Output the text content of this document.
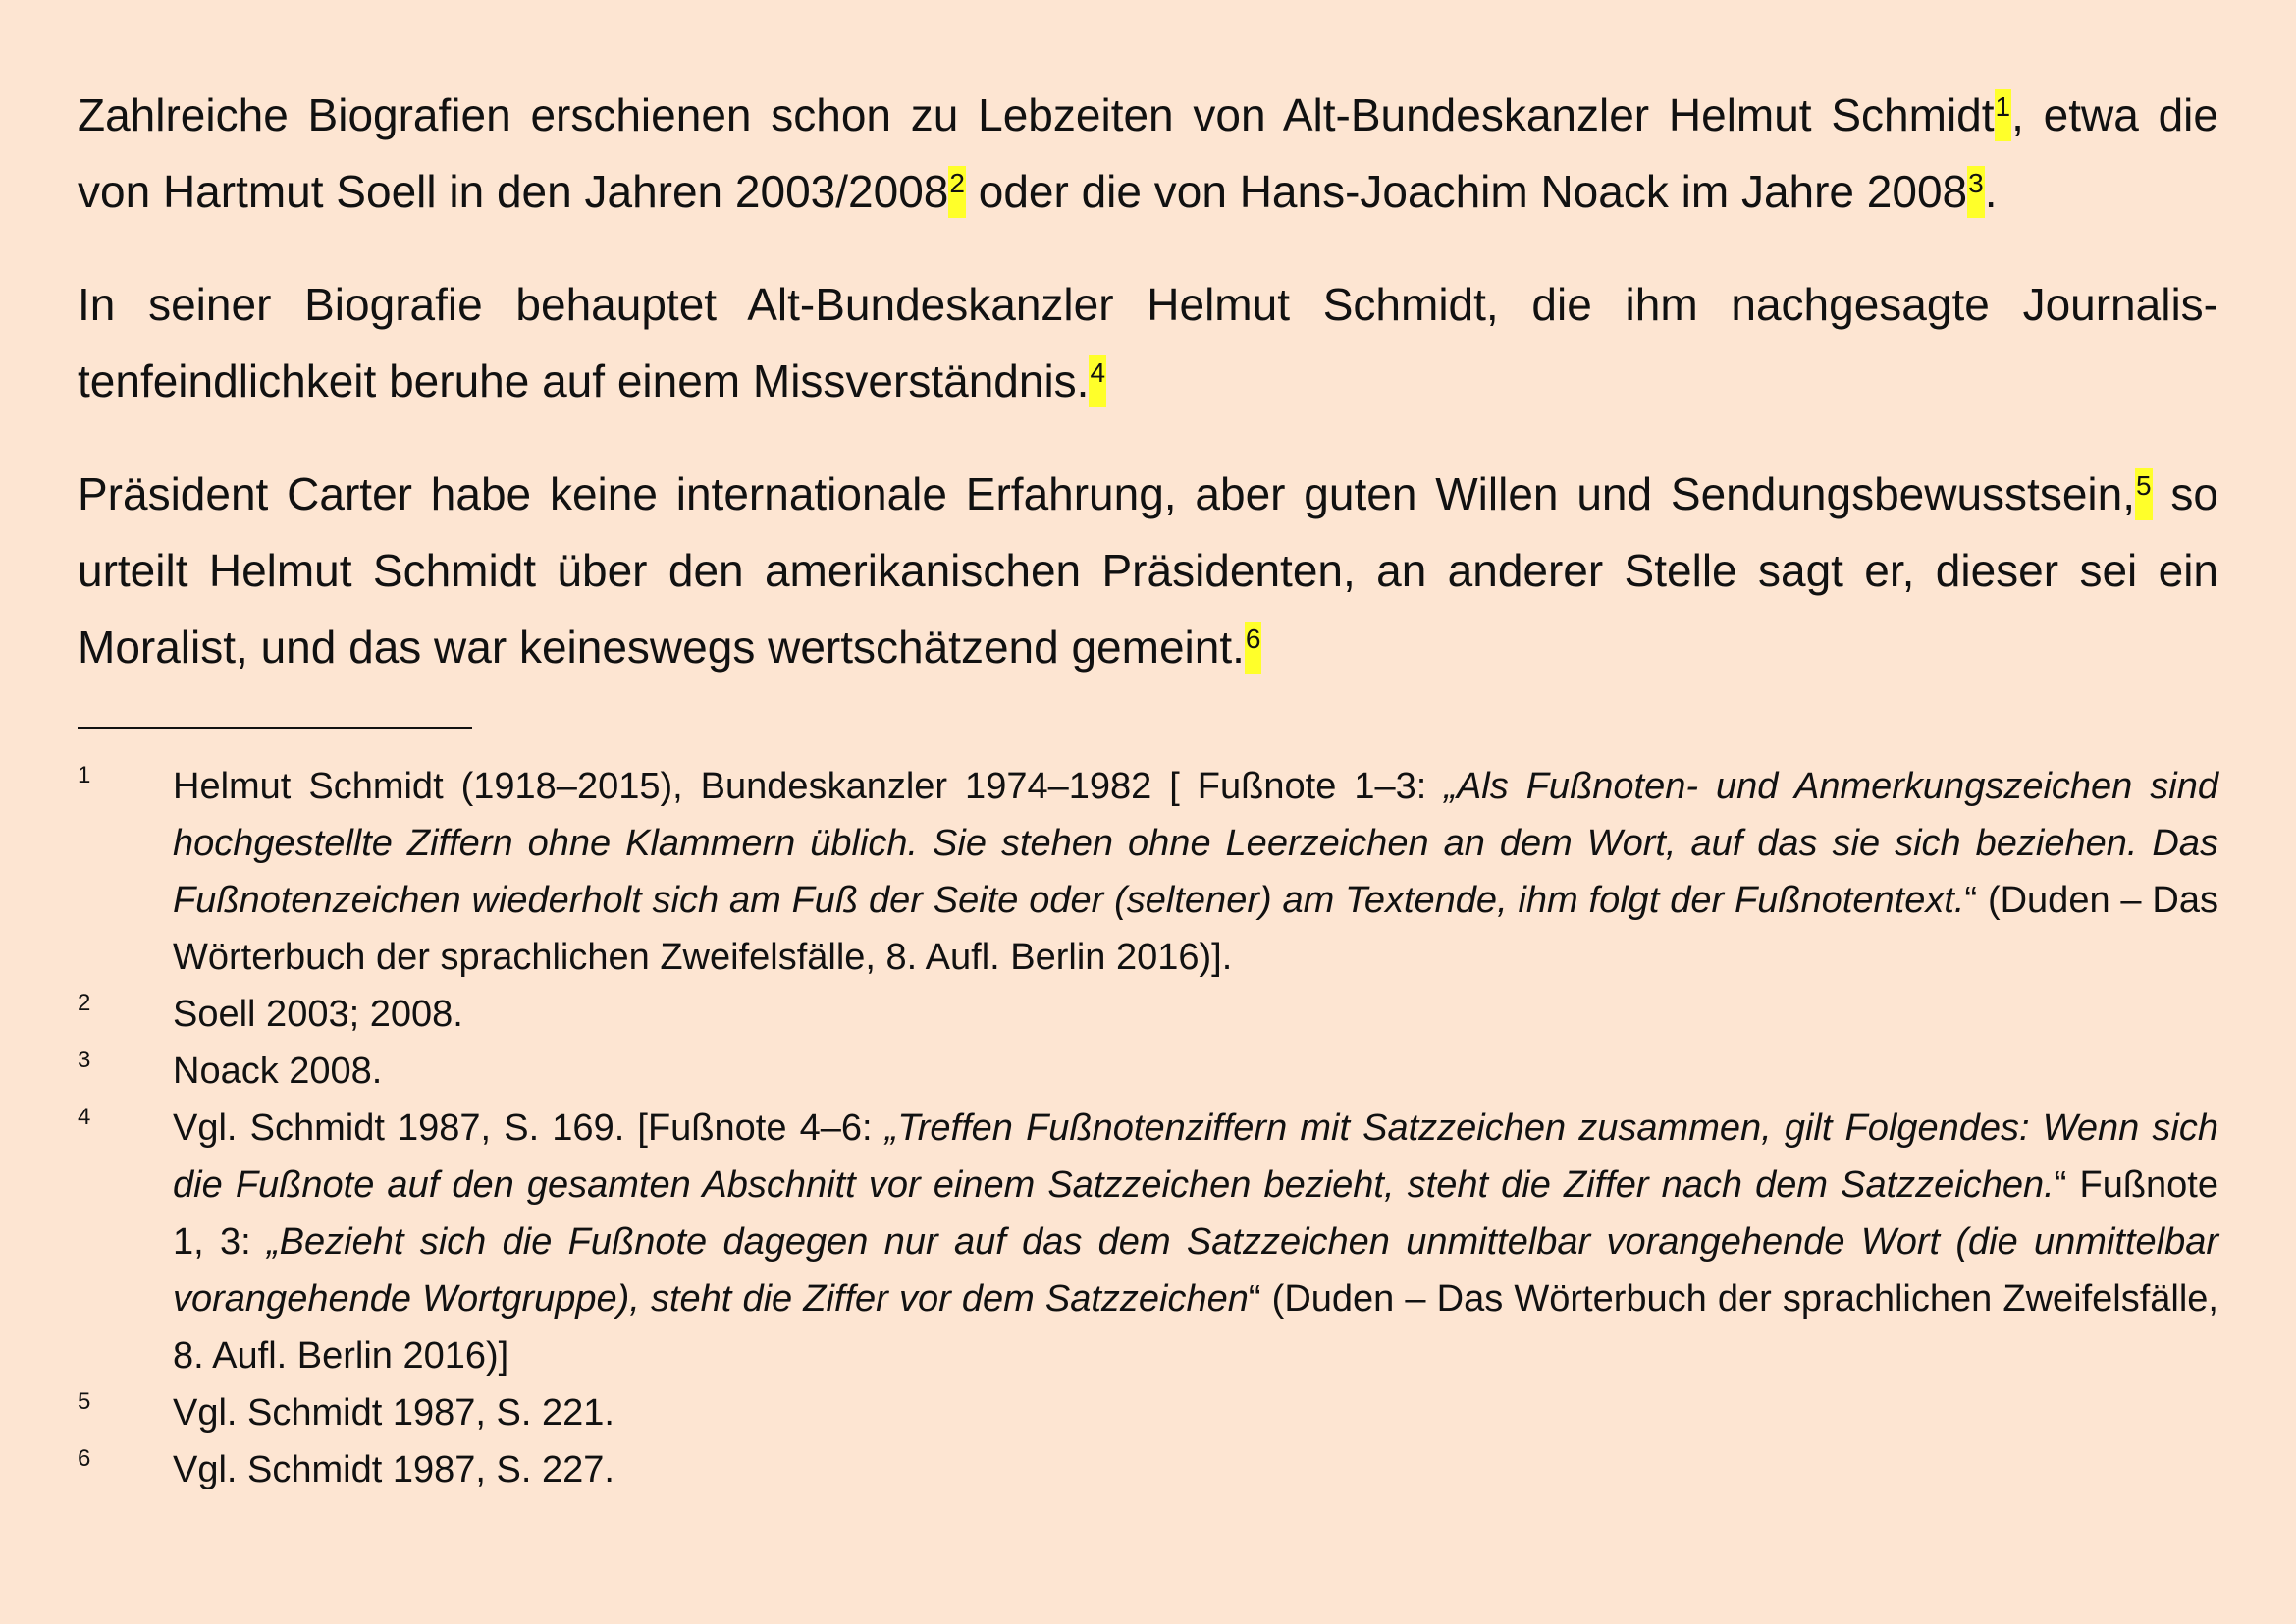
Zahlreiche Biografien erschienen schon zu Lebzeiten von Alt-Bundeskanzler Helmut Schmidt$^1$, etwa die von Hartmut Soell in den Jahren 2003/2008$^2$ oder die von Hans-Joachim Noack im Jahre 2008$^3$.

In seiner Biografie behauptet Alt-Bundeskanzler Helmut Schmidt, die ihm nachgesagte Journalistenfeindlichkeit beruhe auf einem Missverständnis.$^4$

Präsident Carter habe keine internationale Erfahrung, aber guten Willen und Sendungsbewusstsein,$^5$ so urteilt Helmut Schmidt über den amerikanischen Präsidenten, an anderer Stelle sagt er, dieser sei ein Moralist, und das war keineswegs wertschätzend gemeint.$^6$

1	Helmut Schmidt (1918–2015), Bundeskanzler 1974–1982 [ Fußnote 1–3: „Als Fußnoten- und Anmerkungszeichen sind hochgestellte Ziffern ohne Klammern üblich. Sie stehen ohne Leerzeichen an dem Wort, auf das sie sich beziehen. Das Fußnotenzeichen wiederholt sich am Fuß der Seite oder (seltener) am Textende, ihm folgt der Fußnotentext.“ (Duden – Das Wörterbuch der sprachlichen Zweifelsfälle, 8. Aufl. Berlin 2016)].
2	Soell 2003; 2008.
3	Noack 2008.
4	Vgl. Schmidt 1987, S. 169. [Fußnote 4–6: „Treffen Fußnotenziffern mit Satzzeichen zusammen, gilt Folgendes: Wenn sich die Fußnote auf den gesamten Abschnitt vor einem Satzzeichen bezieht, steht die Ziffer nach dem Satzzeichen.“ Fußnote 1, 3: „Bezieht sich die Fußnote dagegen nur auf das dem Satzzeichen unmittelbar vorangehende Wort (die unmittelbar vorangehende Wortgruppe), steht die Ziffer vor dem Satzzeichen“ (Duden – Das Wörterbuch der sprachlichen Zweifelsfälle, 8. Aufl. Berlin 2016)]
5	Vgl. Schmidt 1987, S. 221.
6	Vgl. Schmidt 1987, S. 227.
